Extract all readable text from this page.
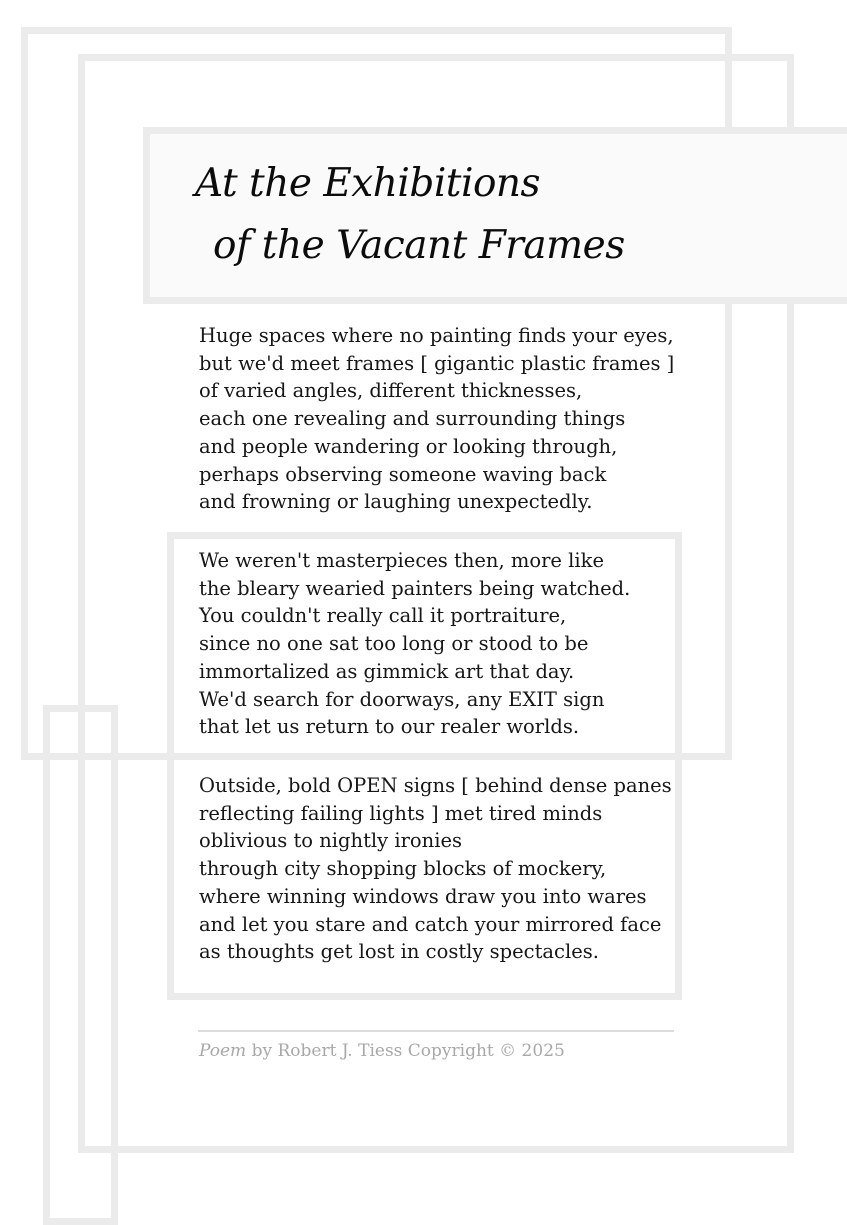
At the Exhibitions
of the Vacant Frames

Huge spaces where no painting finds your eyes,
but we'd meet frames [ gigantic plastic frames ]
of varied angles, different thicknesses,
each one revealing and surrounding things
and people wandering or looking through,
perhaps observing someone waving back
and frowning or laughing unexpectedly.

We weren't masterpieces then, more like
the bleary wearied painters being watched.
You couldn't really call it portraiture,
since no one sat too long or stood to be
immortalized as gimmick art that day.
We'd search for doorways, any EXIT sign
that let us return to our realer worlds.

Outside, bold OPEN signs [ behind dense panes
reflecting failing lights ] met tired minds
oblivious to nightly ironies
through city shopping blocks of mockery,
where winning windows draw you into wares
and let you stare and catch your mirrored face
as thoughts get lost in costly spectacles.

Poem by Robert J. Tiess Copyright © 2025
